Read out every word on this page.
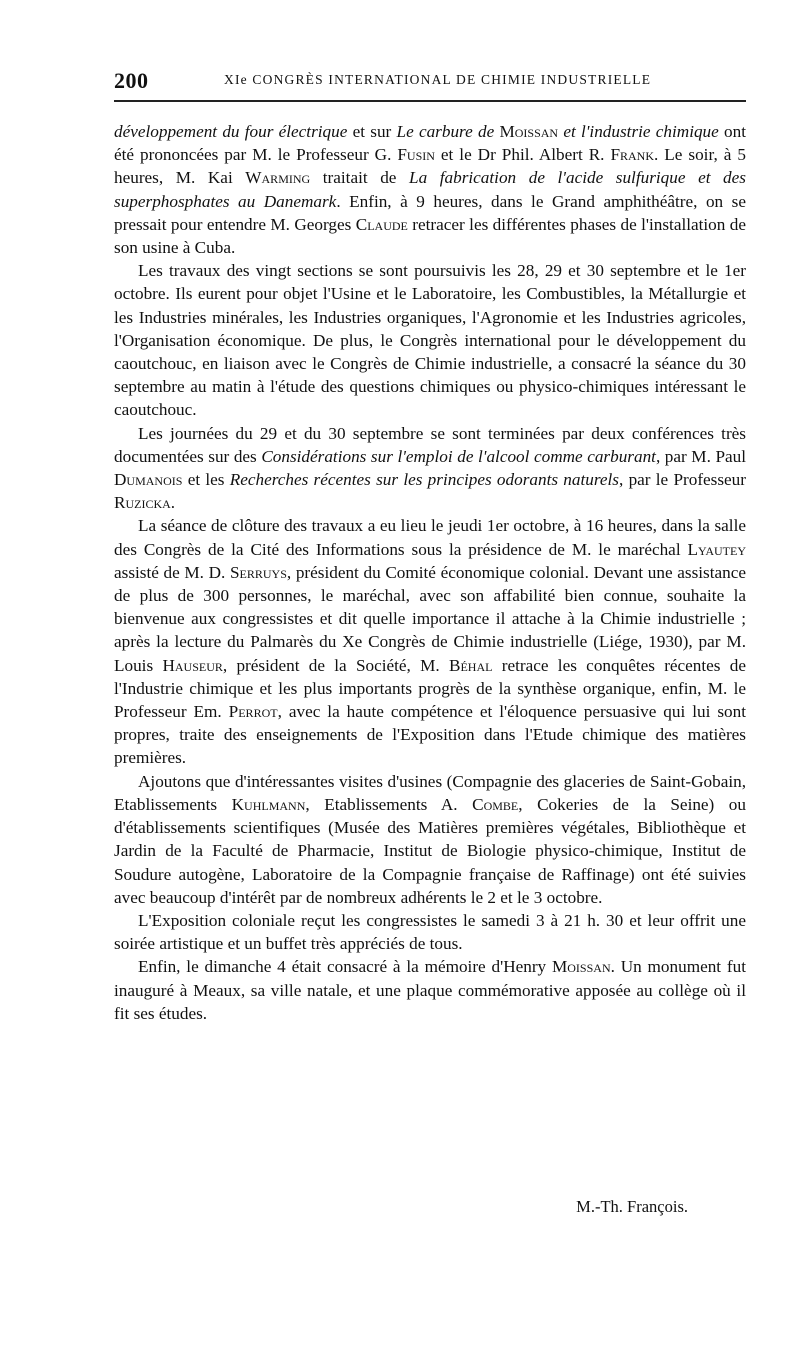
200	XIe CONGRÈS INTERNATIONAL DE CHIMIE INDUSTRIELLE

développement du four électrique et sur Le carbure de Moissan et l'industrie chimique ont été prononcées par M. le Professeur G. Fusin et le Dr Phil. Albert R. Frank. Le soir, à 5 heures, M. Kai Warming traitait de La fabrication de l'acide sulfurique et des superphosphates au Danemark. Enfin, à 9 heures, dans le Grand amphithéâtre, on se pressait pour entendre M. Georges Claude retracer les différentes phases de l'installation de son usine à Cuba.

Les travaux des vingt sections se sont poursuivis les 28, 29 et 30 septembre et le 1er octobre. Ils eurent pour objet l'Usine et le Laboratoire, les Combustibles, la Métallurgie et les Industries minérales, les Industries organiques, l'Agronomie et les Industries agricoles, l'Organisation économique. De plus, le Congrès international pour le développement du caoutchouc, en liaison avec le Congrès de Chimie industrielle, a consacré la séance du 30 septembre au matin à l'étude des questions chimiques ou physico-chimiques intéressant le caoutchouc.

Les journées du 29 et du 30 septembre se sont terminées par deux conférences très documentées sur des Considérations sur l'emploi de l'alcool comme carburant, par M. Paul Dumanois et les Recherches récentes sur les principes odorants naturels, par le Professeur Ruzicka.

La séance de clôture des travaux a eu lieu le jeudi 1er octobre, à 16 heures, dans la salle des Congrès de la Cité des Informations sous la présidence de M. le maréchal Lyautey assisté de M. D. Serruys, président du Comité économique colonial. Devant une assistance de plus de 300 personnes, le maréchal, avec son affabilité bien connue, souhaite la bienvenue aux congressistes et dit quelle importance il attache à la Chimie industrielle ; après la lecture du Palmarès du Xe Congrès de Chimie industrielle (Liége, 1930), par M. Louis Hauseur, président de la Société, M. Béhal retrace les conquêtes récentes de l'Industrie chimique et les plus importants progrès de la synthèse organique, enfin, M. le Professeur Em. Perrot, avec la haute compétence et l'éloquence persuasive qui lui sont propres, traite des enseignements de l'Exposition dans l'Etude chimique des matières premières.

Ajoutons que d'intéressantes visites d'usines (Compagnie des glaceries de Saint-Gobain, Etablissements Kuhlmann, Etablissements A. Combe, Cokeries de la Seine) ou d'établissements scientifiques (Musée des Matières premières végétales, Bibliothèque et Jardin de la Faculté de Pharmacie, Institut de Biologie physico-chimique, Institut de Soudure autogène, Laboratoire de la Compagnie française de Raffinage) ont été suivies avec beaucoup d'intérêt par de nombreux adhérents le 2 et le 3 octobre.

L'Exposition coloniale reçut les congressistes le samedi 3 à 21 h. 30 et leur offrit une soirée artistique et un buffet très appréciés de tous.

Enfin, le dimanche 4 était consacré à la mémoire d'Henry Moissan. Un monument fut inauguré à Meaux, sa ville natale, et une plaque commémorative apposée au collège où il fit ses études.

M.-Th. François.
